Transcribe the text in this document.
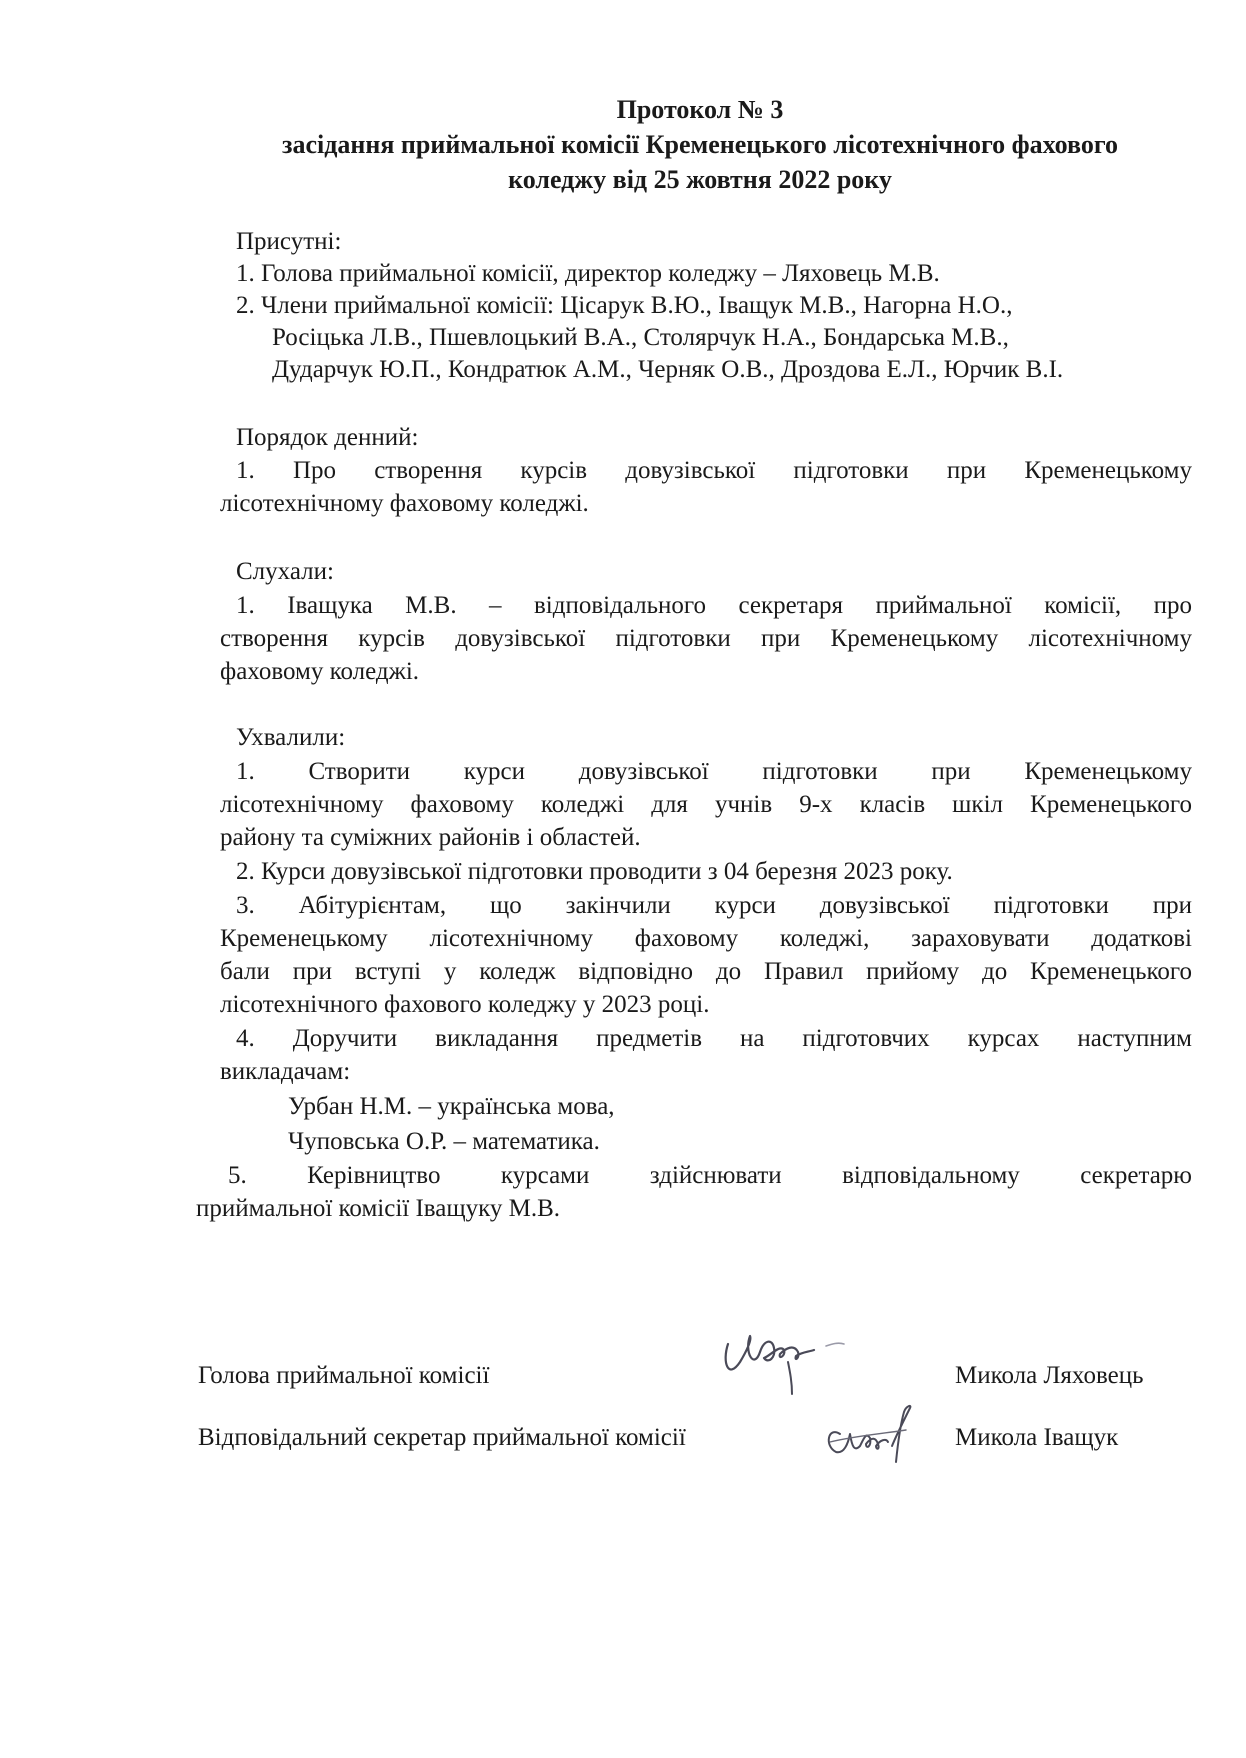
Протокол № 3
засідання приймальної комісії Кременецького лісотехнічного фахового
коледжу від 25 жовтня 2022 року
Присутні:
1. Голова приймальної комісії, директор коледжу – Ляховець М.В.
2. Члени приймальної комісії: Цісарук В.Ю., Іващук М.В., Нагорна Н.О.,
Росіцька Л.В., Пшевлоцький В.А., Столярчук Н.А., Бондарська М.В.,
Дударчук Ю.П., Кондратюк А.М., Черняк О.В., Дроздова Е.Л., Юрчик В.І.
Порядок денний:
1. Про створення курсів довузівської підготовки при Кременецькому
лісотехнічному фаховому коледжі.
Слухали:
1. Іващука М.В. – відповідального секретаря приймальної комісії, про
створення курсів довузівської підготовки при Кременецькому лісотехнічному
фаховому коледжі.
Ухвалили:
1. Створити курси довузівської підготовки при Кременецькому
лісотехнічному фаховому коледжі для учнів 9-х класів шкіл Кременецького
району та суміжних районів і областей.
2. Курси довузівської підготовки проводити з 04 березня 2023 року.
3. Абітурієнтам, що закінчили курси довузівської підготовки при
Кременецькому лісотехнічному фаховому коледжі, зараховувати додаткові
бали при вступі у коледж відповідно до Правил прийому до Кременецького
лісотехнічного фахового коледжу у 2023 році.
4. Доручити викладання предметів на підготовчих курсах наступним
викладачам:
Урбан Н.М. – українська мова,
Чуповська О.Р. – математика.
5. Керівництво курсами здійснювати відповідальному секретарю
приймальної комісії Іващуку М.В.
Голова приймальної комісії	Микола Ляховець
Відповідальний секретар приймальної комісії	Микола Іващук
